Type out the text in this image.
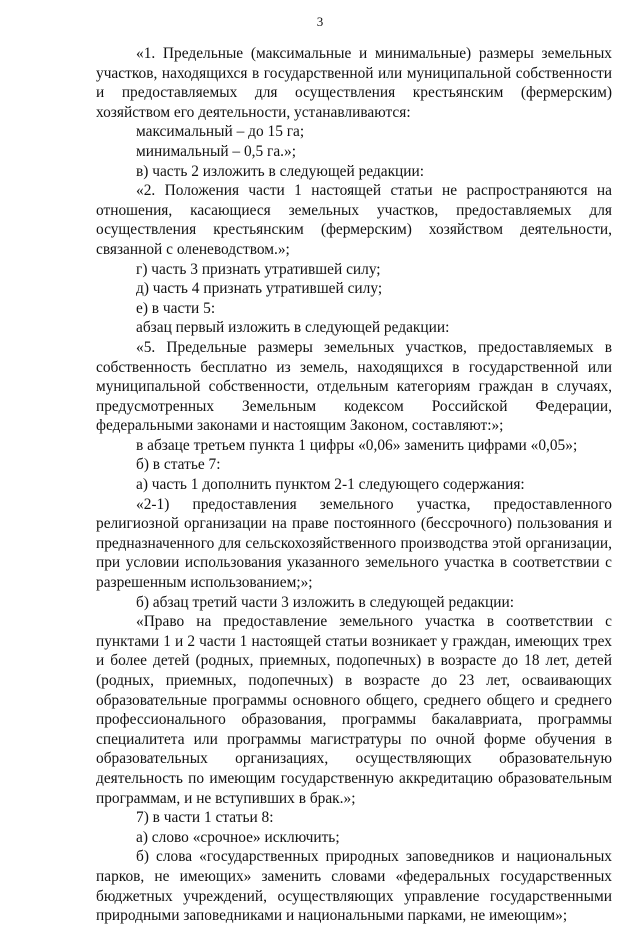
3

«1. Предельные (максимальные и минимальные) размеры земельных участков, находящихся в государственной или муниципальной собственности и предоставляемых для осуществления крестьянским (фермерским) хозяйством его деятельности, устанавливаются:

максимальный – до 15 га;

минимальный – 0,5 га.»;

в) часть 2 изложить в следующей редакции:

«2. Положения части 1 настоящей статьи не распространяются на отношения, касающиеся земельных участков, предоставляемых для осуществления крестьянским (фермерским) хозяйством деятельности, связанной с оленеводством.»;

г) часть 3 признать утратившей силу;

д) часть 4 признать утратившей силу;

е) в части 5:

абзац первый изложить в следующей редакции:

«5. Предельные размеры земельных участков, предоставляемых в собственность бесплатно из земель, находящихся в государственной или муниципальной собственности, отдельным категориям граждан в случаях, предусмотренных Земельным кодексом Российской Федерации, федеральными законами и настоящим Законом, составляют:»;

в абзаце третьем пункта 1 цифры «0,06» заменить цифрами «0,05»;

б) в статье 7:

а) часть 1 дополнить пунктом 2-1 следующего содержания:

«2-1) предоставления земельного участка, предоставленного религиозной организации на праве постоянного (бессрочного) пользования и предназначенного для сельскохозяйственного производства этой организации, при условии использования указанного земельного участка в соответствии с разрешенным использованием;»;

б) абзац третий части 3 изложить в следующей редакции:

«Право на предоставление земельного участка в соответствии с пунктами 1 и 2 части 1 настоящей статьи возникает у граждан, имеющих трех и более детей (родных, приемных, подопечных) в возрасте до 18 лет, детей (родных, приемных, подопечных) в возрасте до 23 лет, осваивающих образовательные программы основного общего, среднего общего и среднего профессионального образования, программы бакалавриата, программы специалитета или программы магистратуры по очной форме обучения в образовательных организациях, осуществляющих образовательную деятельность по имеющим государственную аккредитацию образовательным программам, и не вступивших в брак.»;

7) в части 1 статьи 8:

а) слово «срочное» исключить;

б) слова «государственных природных заповедников и национальных парков, не имеющих» заменить словами «федеральных государственных бюджетных учреждений, осуществляющих управление государственными природными заповедниками и национальными парками, не имеющим»;
